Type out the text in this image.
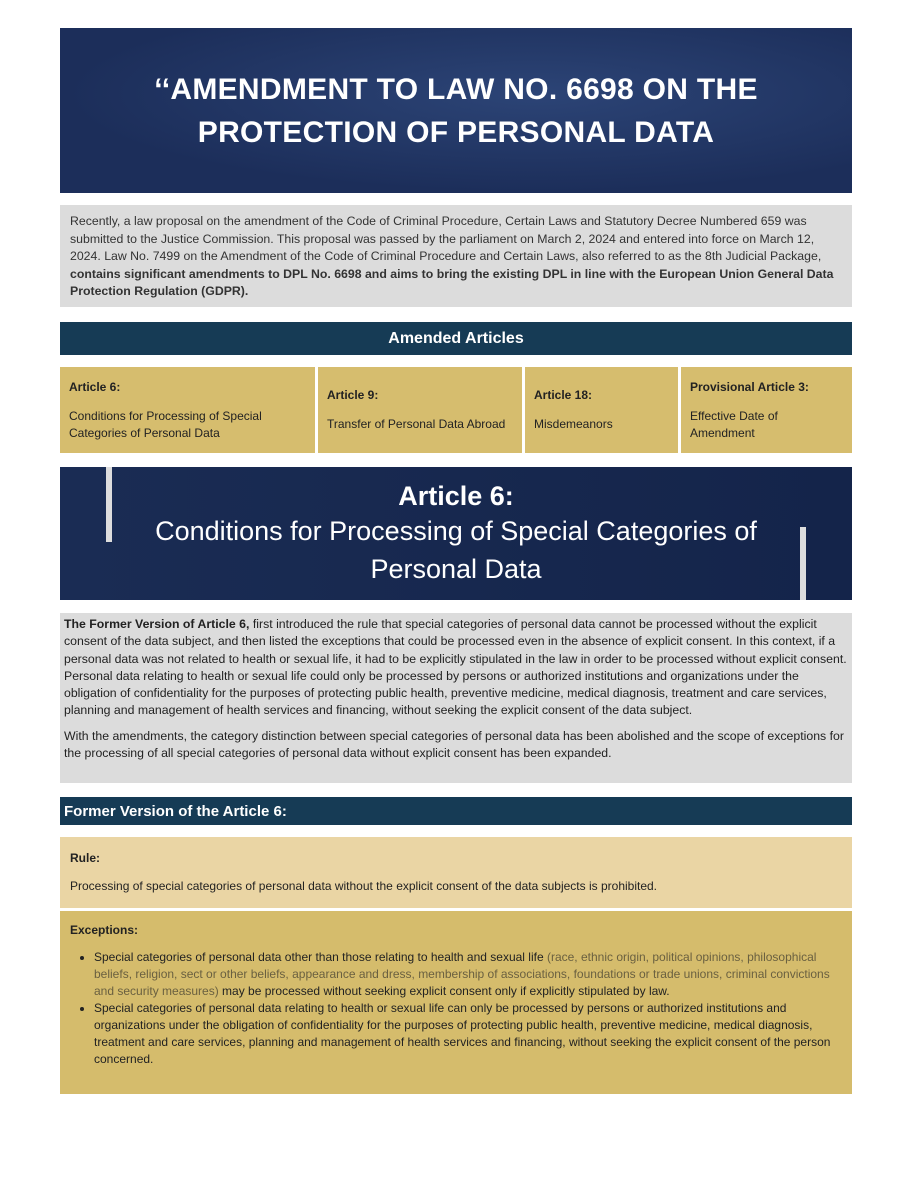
‘‘AMENDMENT TO LAW NO. 6698 ON THE PROTECTION OF PERSONAL DATA
Recently, a law proposal on the amendment of the Code of Criminal Procedure, Certain Laws and Statutory Decree Numbered 659 was submitted to the Justice Commission. This proposal was passed by the parliament on March 2, 2024 and entered into force on March 12, 2024. Law No. 7499 on the Amendment of the Code of Criminal Procedure and Certain Laws, also referred to as the 8th Judicial Package, contains significant amendments to DPL No. 6698 and aims to bring the existing DPL in line with the European Union General Data Protection Regulation (GDPR).
Amended Articles
Article 6:
Conditions for Processing of Special Categories of Personal Data
Article 9:
Transfer of Personal Data Abroad
Article 18:
Misdemeanors
Provisional Article 3:
Effective Date of Amendment
Article 6:
Conditions for Processing of Special Categories of Personal Data

The Former Version of Article 6, first introduced the rule that special categories of personal data cannot be processed without the explicit consent of the data subject, and then listed the exceptions that could be processed even in the absence of explicit consent. In this context, if a personal data was not related to health or sexual life, it had to be explicitly stipulated in the law in order to be processed without explicit consent. Personal data relating to health or sexual life could only be processed by persons or authorized institutions and organizations under the obligation of confidentiality for the purposes of protecting public health, preventive medicine, medical diagnosis, treatment and care services, planning and management of health services and financing, without seeking the explicit consent of the data subject.

With the amendments, the category distinction between special categories of personal data has been abolished and the scope of exceptions for the processing of all special categories of personal data without explicit consent has been expanded.

Former Version of the Article 6:
Rule:
Processing of special categories of personal data without the explicit consent of the data subjects is prohibited.
Exceptions:
• Special categories of personal data other than those relating to health and sexual life (race, ethnic origin, political opinions, philosophical beliefs, religion, sect or other beliefs, appearance and dress, membership of associations, foundations or trade unions, criminal convictions and security measures) may be processed without seeking explicit consent only if explicitly stipulated by law.
• Special categories of personal data relating to health or sexual life can only be processed by persons or authorized institutions and organizations under the obligation of confidentiality for the purposes of protecting public health, preventive medicine, medical diagnosis, treatment and care services, planning and management of health services and financing, without seeking the explicit consent of the person concerned.
